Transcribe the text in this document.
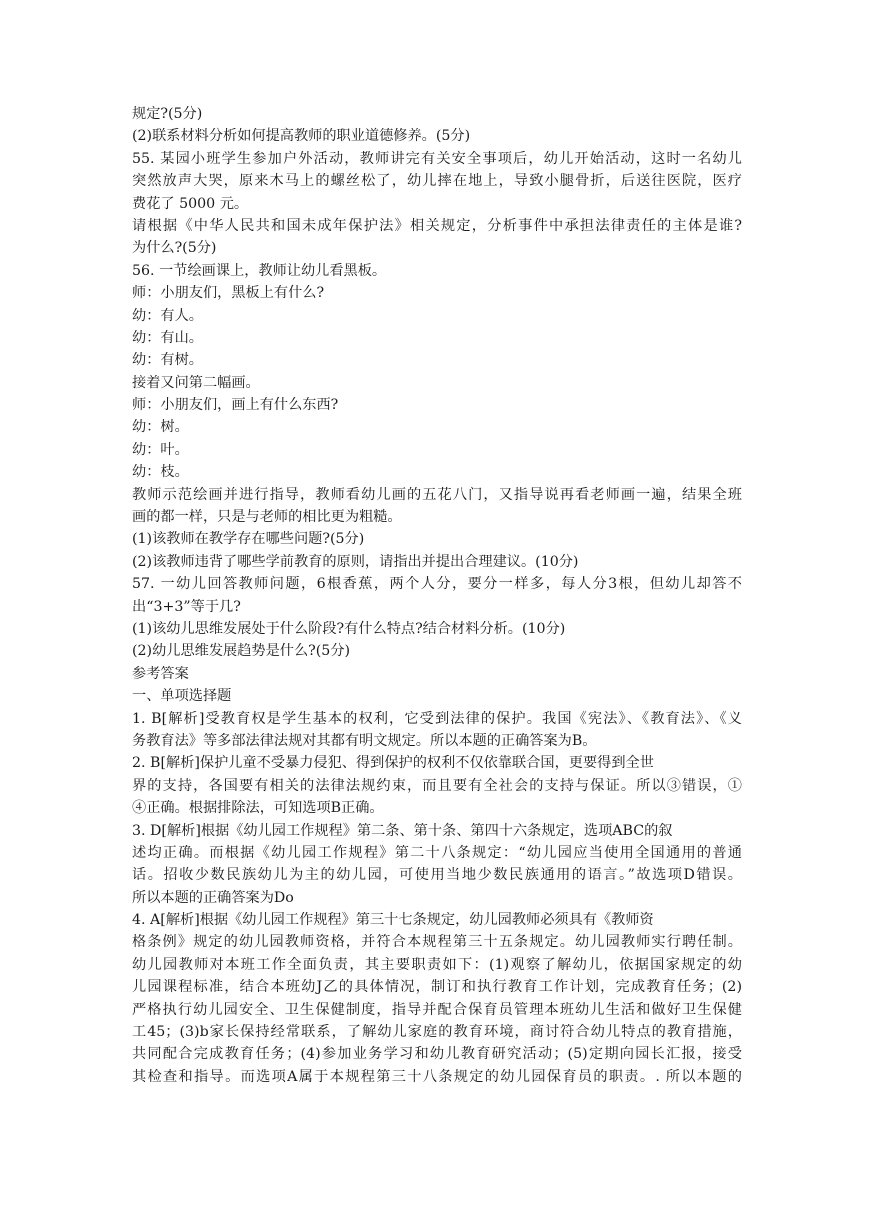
规定?(5分)
(2)联系材料分析如何提高教师的职业道德修养。(5分)
55. 某园小班学生参加户外活动，教师讲完有关安全事项后，幼儿开始活动，这时一名幼儿
突然放声大哭，原来木马上的螺丝松了，幼儿摔在地上，导致小腿骨折，后送往医院，医疗
费花了 5000 元。
请根据《中华人民共和国未成年保护法》相关规定，分析事件中承担法律责任的主体是谁?
为什么?(5分)
56. 一节绘画课上，教师让幼儿看黑板。
师：小朋友们，黑板上有什么?
幼：有人。
幼：有山。
幼：有树。
接着又问第二幅画。
师：小朋友们，画上有什么东西?
幼：树。
幼：叶。
幼：枝。
教师示范绘画并进行指导，教师看幼儿画的五花八门，又指导说再看老师画一遍，结果全班
画的都一样，只是与老师的相比更为粗糙。
(1)该教师在教学存在哪些问题?(5分)
(2)该教师违背了哪些学前教育的原则，请指出并提出合理建议。(10分)
57. 一幼儿回答教师问题，6根香蕉，两个人分，要分一样多，每人分3根，但幼儿却答不
出“3+3”等于几?
(1)该幼儿思维发展处于什么阶段?有什么特点?结合材料分析。(10分)
(2)幼儿思维发展趋势是什么?(5分)
参考答案
一、单项选择题
1. B[解析]受教育权是学生基本的权利，它受到法律的保护。我国《宪法》、《教育法》、《义
务教育法》等多部法律法规对其都有明文规定。所以本题的正确答案为B。
2. B[解析]保护儿童不受暴力侵犯、得到保护的权利不仅依靠联合国，更要得到全世
界的支持，各国要有相关的法律法规约束，而且要有全社会的支持与保证。所以③错误，①
④正确。根据排除法，可知选项B正确。
3. D[解析]根据《幼儿园工作规程》第二条、第十条、第四十六条规定，选项ABC的叙
述均正确。而根据《幼儿园工作规程》第二十八条规定：“幼儿园应当使用全国通用的普通
话。招收少数民族幼儿为主的幼儿园，可使用当地少数民族通用的语言。”故选项D错误。
所以本题的正确答案为Do
4. A[解析]根据《幼儿园工作规程》第三十七条规定，幼儿园教师必须具有《教师资
格条例》规定的幼儿园教师资格，并符合本规程第三十五条规定。幼儿园教师实行聘任制。
幼儿园教师对本班工作全面负责，其主要职责如下：(1)观察了解幼儿，依据国家规定的幼
儿园课程标准，结合本班幼J乙的具体情况，制订和执行教育工作计划，完成教育任务；(2)
严格执行幼儿园安全、卫生保健制度，指导并配合保育员管理本班幼儿生活和做好卫生保健
工45；(3)b家长保持经常联系，了解幼儿家庭的教育环境，商讨符合幼儿特点的教育措施，
共同配合完成教育任务；(4)参加业务学习和幼儿教育研究活动；(5)定期向园长汇报，接受
其检查和指导。而选项A属于本规程第三十八条规定的幼儿园保育员的职责。. 所以本题的
